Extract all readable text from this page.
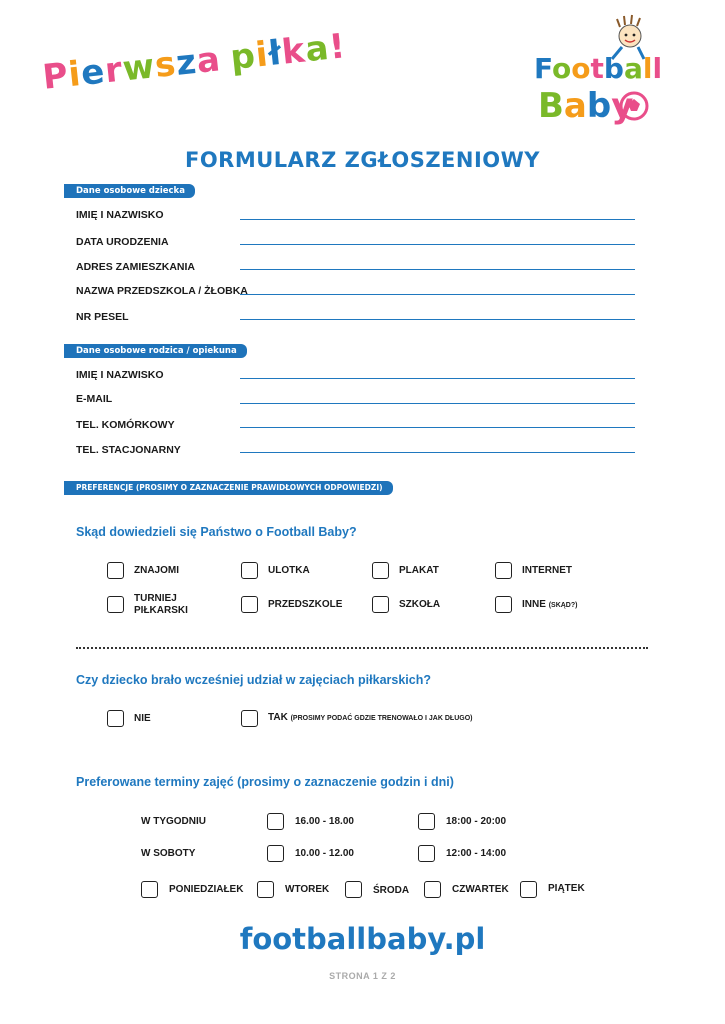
Pierwsza piłka!
Football
Baby
FORMULARZ ZGŁOSZENIOWY
Dane osobowe dziecka
IMIĘ I NAZWISKO
DATA URODZENIA
ADRES ZAMIESZKANIA
NAZWA PRZEDSZKOLA / ŻŁOBKA
NR PESEL
Dane osobowe rodzica / opiekuna
IMIĘ I NAZWISKO
E-MAIL
TEL. KOMÓRKOWY
TEL. STACJONARNY
PREFERENCJE (PROSIMY O ZAZNACZENIE PRAWIDŁOWYCH ODPOWIEDZI)
Skąd dowiedzieli się Państwo o Football Baby?
ZNAJOMI	ULOTKA	PLAKAT	INTERNET
TURNIEJ PIŁKARSKI
PRZEDSZKOLE	SZKOŁA	INNE (SKĄD?)
Czy dziecko brało wcześniej udział w zajęciach piłkarskich?
NIE	TAK (PROSIMY PODAĆ GDZIE TRENOWAŁO I JAK DŁUGO)
Preferowane terminy zajęć (prosimy o zaznaczenie godzin i dni)
W TYGODNIU	16.00 - 18.00	18:00 - 20:00
W SOBOTY	10.00 - 12.00	12:00 - 14:00
PONIEDZIAŁEK	WTOREK	ŚRODA	CZWARTEK	PIĄTEK
footballbaby.pl
STRONA 1 Z 2
